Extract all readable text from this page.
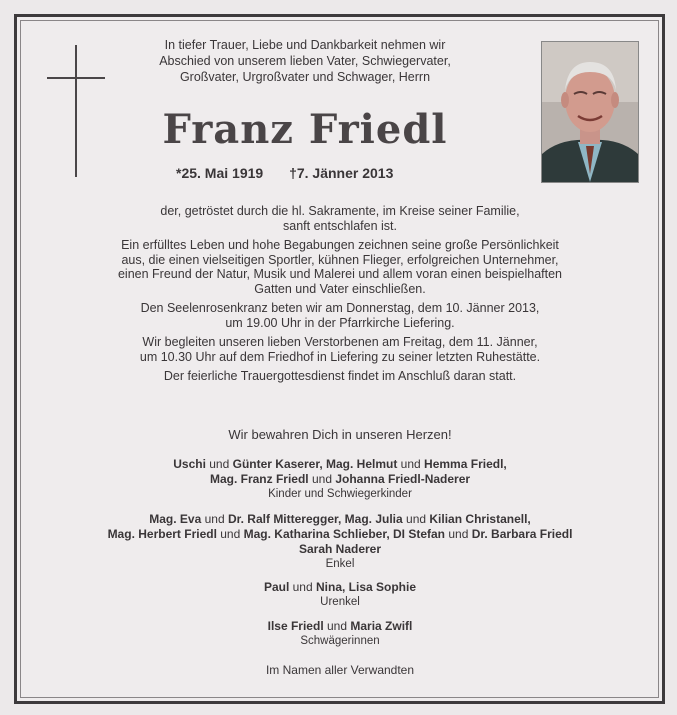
In tiefer Trauer, Liebe und Dankbarkeit nehmen wir
Abschied von unserem lieben Vater, Schwiegervater,
Großvater, Urgroßvater und Schwager, Herrn
Franz Friedl
*25. Mai 1919 †7. Jänner 2013

der, getröstet durch die hl. Sakramente, im Kreise seiner Familie,
sanft entschlafen ist.

Ein erfülltes Leben und hohe Begabungen zeichnen seine große Persönlichkeit
aus, die einen vielseitigen Sportler, kühnen Flieger, erfolgreichen Unternehmer,
einen Freund der Natur, Musik und Malerei und allem voran einen beispielhaften
Gatten und Vater einschließen.

Den Seelenrosenkranz beten wir am Donnerstag, dem 10. Jänner 2013,
um 19.00 Uhr in der Pfarrkirche Liefering.

Wir begleiten unseren lieben Verstorbenen am Freitag, dem 11. Jänner,
um 10.30 Uhr auf dem Friedhof in Liefering zu seiner letzten Ruhestätte.

Der feierliche Trauergottesdienst findet im Anschluß daran statt.

Wir bewahren Dich in unseren Herzen!
Uschi und Günter Kaserer, Mag. Helmut und Hemma Friedl,
Mag. Franz Friedl und Johanna Friedl-Naderer
Kinder und Schwiegerkinder
Mag. Eva und Dr. Ralf Mitteregger, Mag. Julia und Kilian Christanell,
Mag. Herbert Friedl und Mag. Katharina Schlieber, DI Stefan und Dr. Barbara Friedl
Sarah Naderer
Enkel
Paul und Nina, Lisa Sophie
Urenkel
Ilse Friedl und Maria Zwifl
Schwägerinnen
Im Namen aller Verwandten
